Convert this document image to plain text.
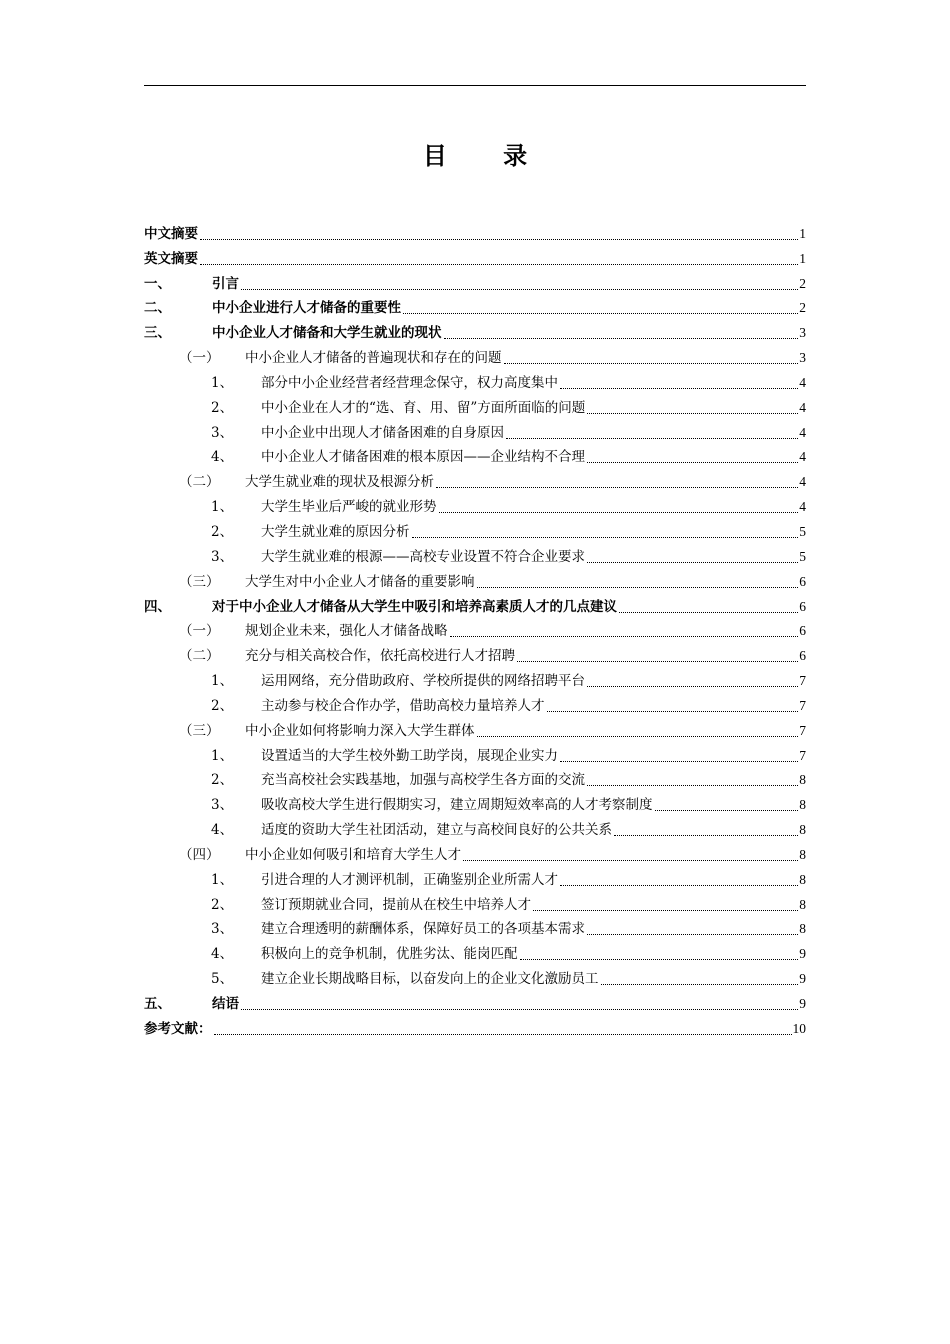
目 录
中文摘要	1
英文摘要	1
一、	引言	2
二、	中小企业进行人才储备的重要性	2
三、	中小企业人才储备和大学生就业的现状	3
（一）	中小企业人才储备的普遍现状和存在的问题	3
1、	部分中小企业经营者经营理念保守，权力高度集中	4
2、	中小企业在人才的“选、育、用、留”方面所面临的问题	4
3、	中小企业中出现人才储备困难的自身原因	4
4、	中小企业人才储备困难的根本原因——企业结构不合理	4
（二）	大学生就业难的现状及根源分析	4
1、	大学生毕业后严峻的就业形势	4
2、	大学生就业难的原因分析	5
3、	大学生就业难的根源——高校专业设置不符合企业要求	5
（三）	大学生对中小企业人才储备的重要影响	6
四、	对于中小企业人才储备从大学生中吸引和培养高素质人才的几点建议	6
（一）	规划企业未来，强化人才储备战略	6
（二）	充分与相关高校合作，依托高校进行人才招聘	6
1、	运用网络，充分借助政府、学校所提供的网络招聘平台	7
2、	主动参与校企合作办学，借助高校力量培养人才	7
（三）	中小企业如何将影响力深入大学生群体	7
1、	设置适当的大学生校外勤工助学岗，展现企业实力	7
2、	充当高校社会实践基地，加强与高校学生各方面的交流	8
3、	吸收高校大学生进行假期实习，建立周期短效率高的人才考察制度	8
4、	适度的资助大学生社团活动，建立与高校间良好的公共关系	8
（四）	中小企业如何吸引和培育大学生人才	8
1、	引进合理的人才测评机制，正确鉴别企业所需人才	8
2、	签订预期就业合同，提前从在校生中培养人才	8
3、	建立合理透明的薪酬体系，保障好员工的各项基本需求	8
4、	积极向上的竞争机制，优胜劣汰、能岗匹配	9
5、	建立企业长期战略目标，以奋发向上的企业文化激励员工	9
五、	结语	9
参考文献：	10
